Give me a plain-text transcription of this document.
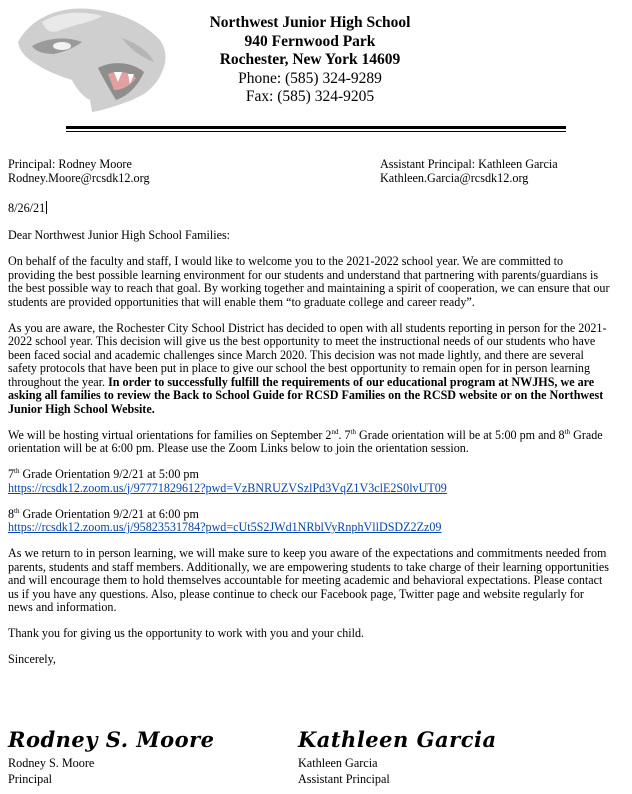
Northwest Junior High School
940 Fernwood Park
Rochester, New York 14609
Phone: (585) 324-9289
Fax: (585) 324-9205
Principal: Rodney Moore
Rodney.Moore@rcsdk12.org
Assistant Principal: Kathleen Garcia
Kathleen.Garcia@rcsdk12.org
8/26/21

Dear Northwest Junior High School Families:

On behalf of the faculty and staff, I would like to welcome you to the 2021-2022 school year. We are committed to providing the best possible learning environment for our students and understand that partnering with parents/guardians is the best possible way to reach that goal. By working together and maintaining a spirit of cooperation, we can ensure that our students are provided opportunities that will enable them “to graduate college and career ready”.

As you are aware, the Rochester City School District has decided to open with all students reporting in person for the 2021-2022 school year. This decision will give us the best opportunity to meet the instructional needs of our students who have been faced social and academic challenges since March 2020. This decision was not made lightly, and there are several safety protocols that have been put in place to give our school the best opportunity to remain open for in person learning throughout the year. In order to successfully fulfill the requirements of our educational program at NWJHS, we are asking all families to review the Back to School Guide for RCSD Families on the RCSD website or on the Northwest Junior High School Website.

We will be hosting virtual orientations for families on September 2nd. 7th Grade orientation will be at 5:00 pm and 8th Grade orientation will be at 6:00 pm. Please use the Zoom Links below to join the orientation session.

7th Grade Orientation 9/2/21 at 5:00 pm
https://rcsdk12.zoom.us/j/97771829612?pwd=VzBNRUZVSzlPd3VqZ1V3clE2S0lvUT09

8th Grade Orientation 9/2/21 at 6:00 pm
https://rcsdk12.zoom.us/j/95823531784?pwd=cUt5S2JWd1NRblVyRnphVllDSDZ2Zz09

As we return to in person learning, we will make sure to keep you aware of the expectations and commitments needed from parents, students and staff members. Additionally, we are empowering students to take charge of their learning opportunities and will encourage them to hold themselves accountable for meeting academic and behavioral expectations. Please contact us if you have any questions. Also, please continue to check our Facebook page, Twitter page and website regularly for news and information.

Thank you for giving us the opportunity to work with you and your child.

Sincerely,

Rodney S. Moore	Kathleen Garcia
Rodney S. Moore
Principal
Kathleen Garcia
Assistant Principal
